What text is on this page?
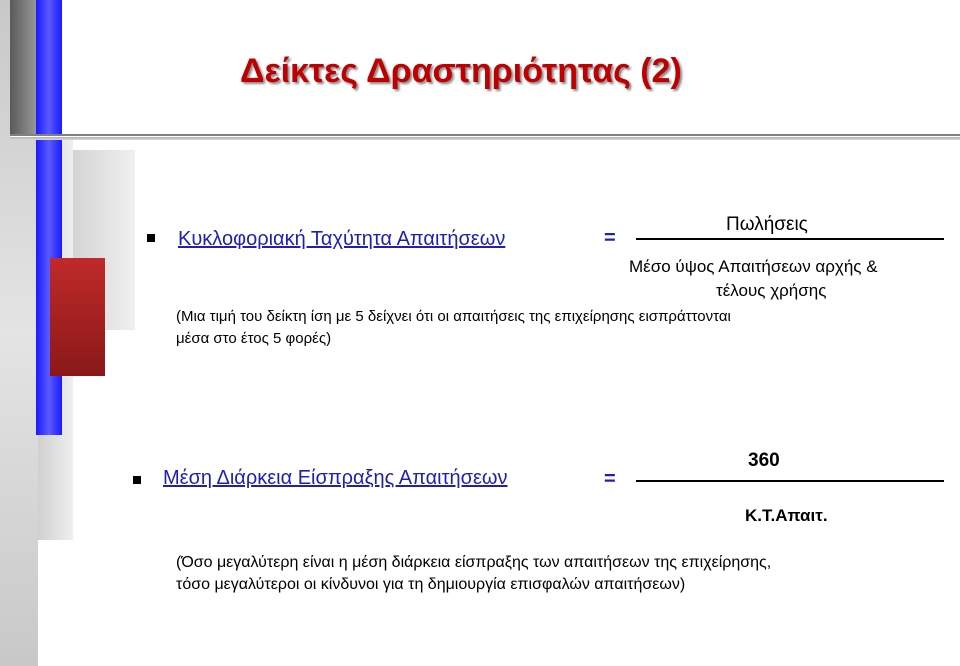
Δείκτες Δραστηριότητας (2)
Κυκλοφοριακή Ταχύτητα Απαιτήσεων	=
Πωλήσεις
Μέσο ύψος Απαιτήσεων αρχής &
τέλους χρήσης
(Μια τιμή του δείκτη ίση με 5 δείχνει ότι οι απαιτήσεις της επιχείρησης εισπράττονται
μέσα στο έτος 5 φορές)
Μέση Διάρκεια Είσπραξης Απαιτήσεων	=
360
Κ.Τ.Απαιτ.
(Όσο μεγαλύτερη είναι η μέση διάρκεια είσπραξης των απαιτήσεων της επιχείρησης,
τόσο μεγαλύτεροι οι κίνδυνοι για τη δημιουργία επισφαλών απαιτήσεων)
